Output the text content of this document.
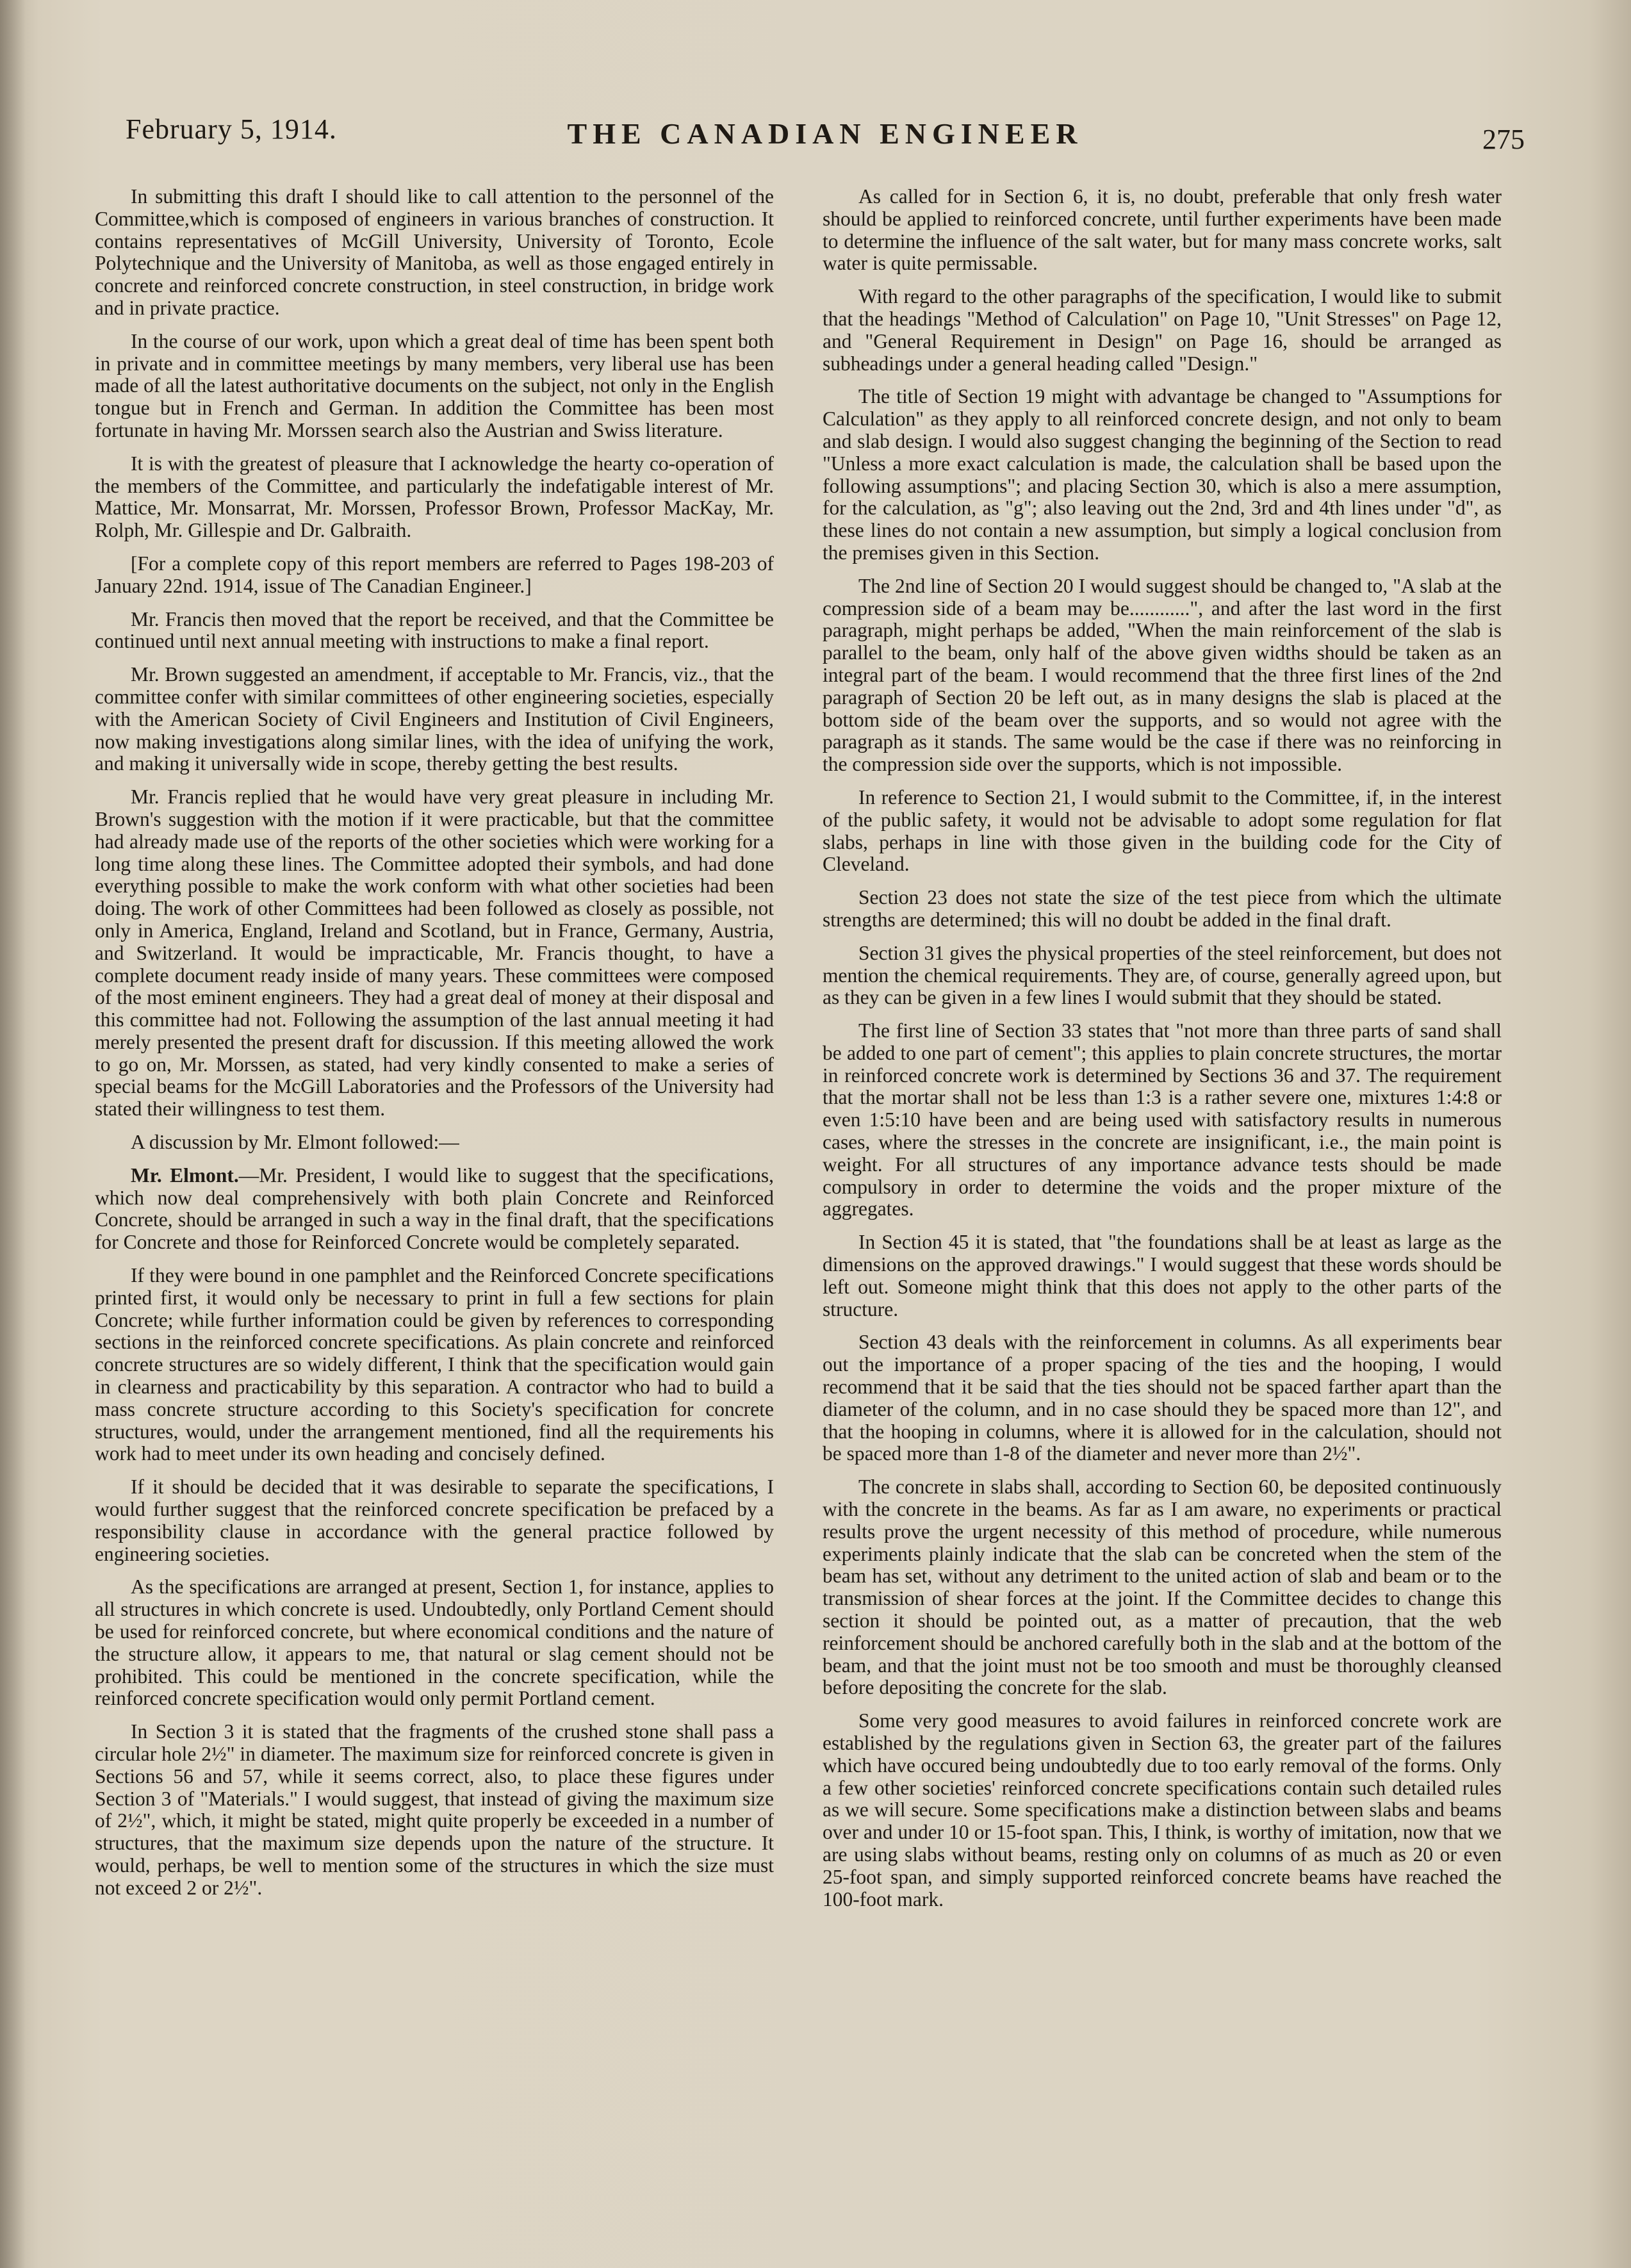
February 5, 1914.	THE CANADIAN ENGINEER	275

In submitting this draft I should like to call attention to the personnel of the Committee,which is composed of engineers in various branches of construction. It contains representatives of McGill University, University of Toronto, Ecole Polytechnique and the University of Manitoba, as well as those engaged entirely in concrete and reinforced concrete construction, in steel construction, in bridge work and in private practice.

In the course of our work, upon which a great deal of time has been spent both in private and in committee meetings by many members, very liberal use has been made of all the latest authoritative documents on the subject, not only in the English tongue but in French and German. In addition the Committee has been most fortunate in having Mr. Morssen search also the Austrian and Swiss literature.

It is with the greatest of pleasure that I acknowledge the hearty co-operation of the members of the Committee, and particularly the indefatigable interest of Mr. Mattice, Mr. Monsarrat, Mr. Morssen, Professor Brown, Professor MacKay, Mr. Rolph, Mr. Gillespie and Dr. Galbraith.

[For a complete copy of this report members are referred to Pages 198-203 of January 22nd. 1914, issue of The Canadian Engineer.]

Mr. Francis then moved that the report be received, and that the Committee be continued until next annual meeting with instructions to make a final report.

Mr. Brown suggested an amendment, if acceptable to Mr. Francis, viz., that the committee confer with similar committees of other engineering societies, especially with the American Society of Civil Engineers and Institution of Civil Engineers, now making investigations along similar lines, with the idea of unifying the work, and making it universally wide in scope, thereby getting the best results.

Mr. Francis replied that he would have very great pleasure in including Mr. Brown's suggestion with the motion if it were practicable, but that the committee had already made use of the reports of the other societies which were working for a long time along these lines. The Committee adopted their symbols, and had done everything possible to make the work conform with what other societies had been doing. The work of other Committees had been followed as closely as possible, not only in America, England, Ireland and Scotland, but in France, Germany, Austria, and Switzerland. It would be impracticable, Mr. Francis thought, to have a complete document ready inside of many years. These committees were composed of the most eminent engineers. They had a great deal of money at their disposal and this committee had not. Following the assumption of the last annual meeting it had merely presented the present draft for discussion. If this meeting allowed the work to go on, Mr. Morssen, as stated, had very kindly consented to make a series of special beams for the McGill Laboratories and the Professors of the University had stated their willingness to test them.

A discussion by Mr. Elmont followed:—

Mr. Elmont.—Mr. President, I would like to suggest that the specifications, which now deal comprehensively with both plain Concrete and Reinforced Concrete, should be arranged in such a way in the final draft, that the specifications for Concrete and those for Reinforced Concrete would be completely separated.

If they were bound in one pamphlet and the Reinforced Concrete specifications printed first, it would only be necessary to print in full a few sections for plain Concrete; while further information could be given by references to corresponding sections in the reinforced concrete specifications. As plain concrete and reinforced concrete structures are so widely different, I think that the specification would gain in clearness and practicability by this separation. A contractor who had to build a mass concrete structure according to this Society's specification for concrete structures, would, under the arrangement mentioned, find all the requirements his work had to meet under its own heading and concisely defined.

If it should be decided that it was desirable to separate the specifications, I would further suggest that the reinforced concrete specification be prefaced by a responsibility clause in accordance with the general practice followed by engineering societies.

As the specifications are arranged at present, Section 1, for instance, applies to all structures in which concrete is used. Undoubtedly, only Portland Cement should be used for reinforced concrete, but where economical conditions and the nature of the structure allow, it appears to me, that natural or slag cement should not be prohibited. This could be mentioned in the concrete specification, while the reinforced concrete specification would only permit Portland cement.

In Section 3 it is stated that the fragments of the crushed stone shall pass a circular hole 2½" in diameter. The maximum size for reinforced concrete is given in Sections 56 and 57, while it seems correct, also, to place these figures under Section 3 of "Materials." I would suggest, that instead of giving the maximum size of 2½", which, it might be stated, might quite properly be exceeded in a number of structures, that the maximum size depends upon the nature of the structure. It would, perhaps, be well to mention some of the structures in which the size must not exceed 2 or 2½".

As called for in Section 6, it is, no doubt, preferable that only fresh water should be applied to reinforced concrete, until further experiments have been made to determine the influence of the salt water, but for many mass concrete works, salt water is quite permissable.

With regard to the other paragraphs of the specification, I would like to submit that the headings "Method of Calculation" on Page 10, "Unit Stresses" on Page 12, and "General Requirement in Design" on Page 16, should be arranged as subheadings under a general heading called "Design."

The title of Section 19 might with advantage be changed to "Assumptions for Calculation" as they apply to all reinforced concrete design, and not only to beam and slab design. I would also suggest changing the beginning of the Section to read "Unless a more exact calculation is made, the calculation shall be based upon the following assumptions"; and placing Section 30, which is also a mere assumption, for the calculation, as "g"; also leaving out the 2nd, 3rd and 4th lines under "d", as these lines do not contain a new assumption, but simply a logical conclusion from the premises given in this Section.

The 2nd line of Section 20 I would suggest should be changed to, "A slab at the compression side of a beam may be............", and after the last word in the first paragraph, might perhaps be added, "When the main reinforcement of the slab is parallel to the beam, only half of the above given widths should be taken as an integral part of the beam. I would recommend that the three first lines of the 2nd paragraph of Section 20 be left out, as in many designs the slab is placed at the bottom side of the beam over the supports, and so would not agree with the paragraph as it stands. The same would be the case if there was no reinforcing in the compression side over the supports, which is not impossible.

In reference to Section 21, I would submit to the Committee, if, in the interest of the public safety, it would not be advisable to adopt some regulation for flat slabs, perhaps in line with those given in the building code for the City of Cleveland.

Section 23 does not state the size of the test piece from which the ultimate strengths are determined; this will no doubt be added in the final draft.

Section 31 gives the physical properties of the steel reinforcement, but does not mention the chemical requirements. They are, of course, generally agreed upon, but as they can be given in a few lines I would submit that they should be stated.

The first line of Section 33 states that "not more than three parts of sand shall be added to one part of cement"; this applies to plain concrete structures, the mortar in reinforced concrete work is determined by Sections 36 and 37. The requirement that the mortar shall not be less than 1:3 is a rather severe one, mixtures 1:4:8 or even 1:5:10 have been and are being used with satisfactory results in numerous cases, where the stresses in the concrete are insignificant, i.e., the main point is weight. For all structures of any importance advance tests should be made compulsory in order to determine the voids and the proper mixture of the aggregates.

In Section 45 it is stated, that "the foundations shall be at least as large as the dimensions on the approved drawings." I would suggest that these words should be left out. Someone might think that this does not apply to the other parts of the structure.

Section 43 deals with the reinforcement in columns. As all experiments bear out the importance of a proper spacing of the ties and the hooping, I would recommend that it be said that the ties should not be spaced farther apart than the diameter of the column, and in no case should they be spaced more than 12", and that the hooping in columns, where it is allowed for in the calculation, should not be spaced more than 1-8 of the diameter and never more than 2½".

The concrete in slabs shall, according to Section 60, be deposited continuously with the concrete in the beams. As far as I am aware, no experiments or practical results prove the urgent necessity of this method of procedure, while numerous experiments plainly indicate that the slab can be concreted when the stem of the beam has set, without any detriment to the united action of slab and beam or to the transmission of shear forces at the joint. If the Committee decides to change this section it should be pointed out, as a matter of precaution, that the web reinforcement should be anchored carefully both in the slab and at the bottom of the beam, and that the joint must not be too smooth and must be thoroughly cleansed before depositing the concrete for the slab.

Some very good measures to avoid failures in reinforced concrete work are established by the regulations given in Section 63, the greater part of the failures which have occured being undoubtedly due to too early removal of the forms. Only a few other societies' reinforced concrete specifications contain such detailed rules as we will secure. Some specifications make a distinction between slabs and beams over and under 10 or 15-foot span. This, I think, is worthy of imitation, now that we are using slabs without beams, resting only on columns of as much as 20 or even 25-foot span, and simply supported reinforced concrete beams have reached the 100-foot mark.
